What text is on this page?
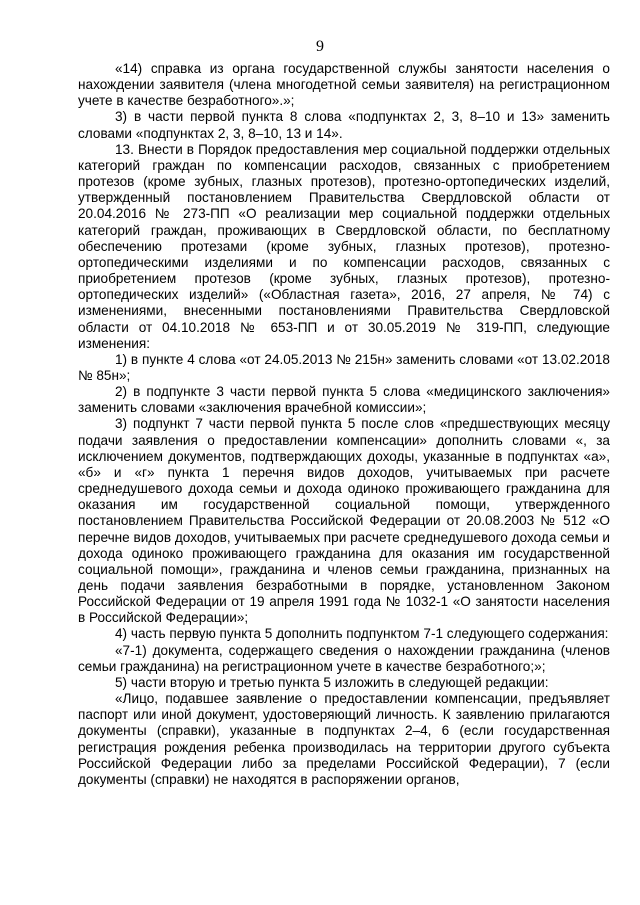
9

«14) справка из органа государственной службы занятости населения о нахождении заявителя (члена многодетной семьи заявителя) на регистрационном учете в качестве безработного».»;

3) в части первой пункта 8 слова «подпунктах 2, 3, 8–10 и 13» заменить словами «подпунктах 2, 3, 8–10, 13 и 14».

13. Внести в Порядок предоставления мер социальной поддержки отдельных категорий граждан по компенсации расходов, связанных с приобретением протезов (кроме зубных, глазных протезов), протезно-ортопедических изделий, утвержденный постановлением Правительства Свердловской области от 20.04.2016 № 273-ПП «О реализации мер социальной поддержки отдельных категорий граждан, проживающих в Свердловской области, по бесплатному обеспечению протезами (кроме зубных, глазных протезов), протезно-ортопедическими изделиями и по компенсации расходов, связанных с приобретением протезов (кроме зубных, глазных протезов), протезно-ортопедических изделий» («Областная газета», 2016, 27 апреля, № 74) с изменениями, внесенными постановлениями Правительства Свердловской области от 04.10.2018 № 653-ПП и от 30.05.2019 № 319-ПП, следующие изменения:

1) в пункте 4 слова «от 24.05.2013 № 215н» заменить словами «от 13.02.2018 № 85н»;

2) в подпункте 3 части первой пункта 5 слова «медицинского заключения» заменить словами «заключения врачебной комиссии»;

3) подпункт 7 части первой пункта 5 после слов «предшествующих месяцу подачи заявления о предоставлении компенсации» дополнить словами «, за исключением документов, подтверждающих доходы, указанные в подпунктах «а», «б» и «г» пункта 1 перечня видов доходов, учитываемых при расчете среднедушевого дохода семьи и дохода одиноко проживающего гражданина для оказания им государственной социальной помощи, утвержденного постановлением Правительства Российской Федерации от 20.08.2003 № 512 «О перечне видов доходов, учитываемых при расчете среднедушевого дохода семьи и дохода одиноко проживающего гражданина для оказания им государственной социальной помощи», гражданина и членов семьи гражданина, признанных на день подачи заявления безработными в порядке, установленном Законом Российской Федерации от 19 апреля 1991 года № 1032-1 «О занятости населения в Российской Федерации»;

4) часть первую пункта 5 дополнить подпунктом 7-1 следующего содержания:

«7-1) документа, содержащего сведения о нахождении гражданина (членов семьи гражданина) на регистрационном учете в качестве безработного;»;

5) части вторую и третью пункта 5 изложить в следующей редакции:

«Лицо, подавшее заявление о предоставлении компенсации, предъявляет паспорт или иной документ, удостоверяющий личность. К заявлению прилагаются документы (справки), указанные в подпунктах 2–4, 6 (если государственная регистрация рождения ребенка производилась на территории другого субъекта Российской Федерации либо за пределами Российской Федерации), 7 (если документы (справки) не находятся в распоряжении органов,
